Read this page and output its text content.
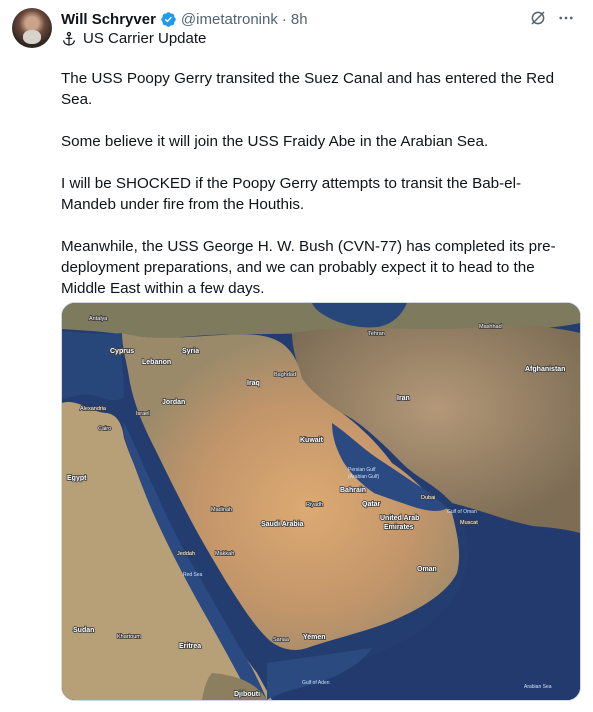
Will Schryver @imetatronink · 8h
US Carrier Update

The USS Poopy Gerry transited the Suez Canal and has entered the Red Sea.

Some believe it will join the USS Fraidy Abe in the Arabian Sea.

I will be SHOCKED if the Poopy Gerry attempts to transit the Bab-el-Mandeb under fire from the Houthis.

Meanwhile, the USS George H. W. Bush (CVN-77) has completed its pre-deployment preparations, and we can probably expect it to head to the Middle East within a few days.

Antalya
Cyprus	Syria
Lebanon
Tehran
Mashhad
Afghanistan
Baghdad
Iraq
Jordan
Alexandria
Israel
Iran
Cairo
Kuwait
Egypt
Persian Gulf
(Arabian Gulf)
Bahrain
Dubai
Qatar
Gulf of Oman
Muscat
United Arab
Emirates
Riyadh
Madinah
Saudi Arabia
Jeddah	Makkah
Red Sea
Oman
Sudan
Khartoum
Eritrea
Sanaa Yemen
Gulf of Aden
Arabian Sea
Djibouti
